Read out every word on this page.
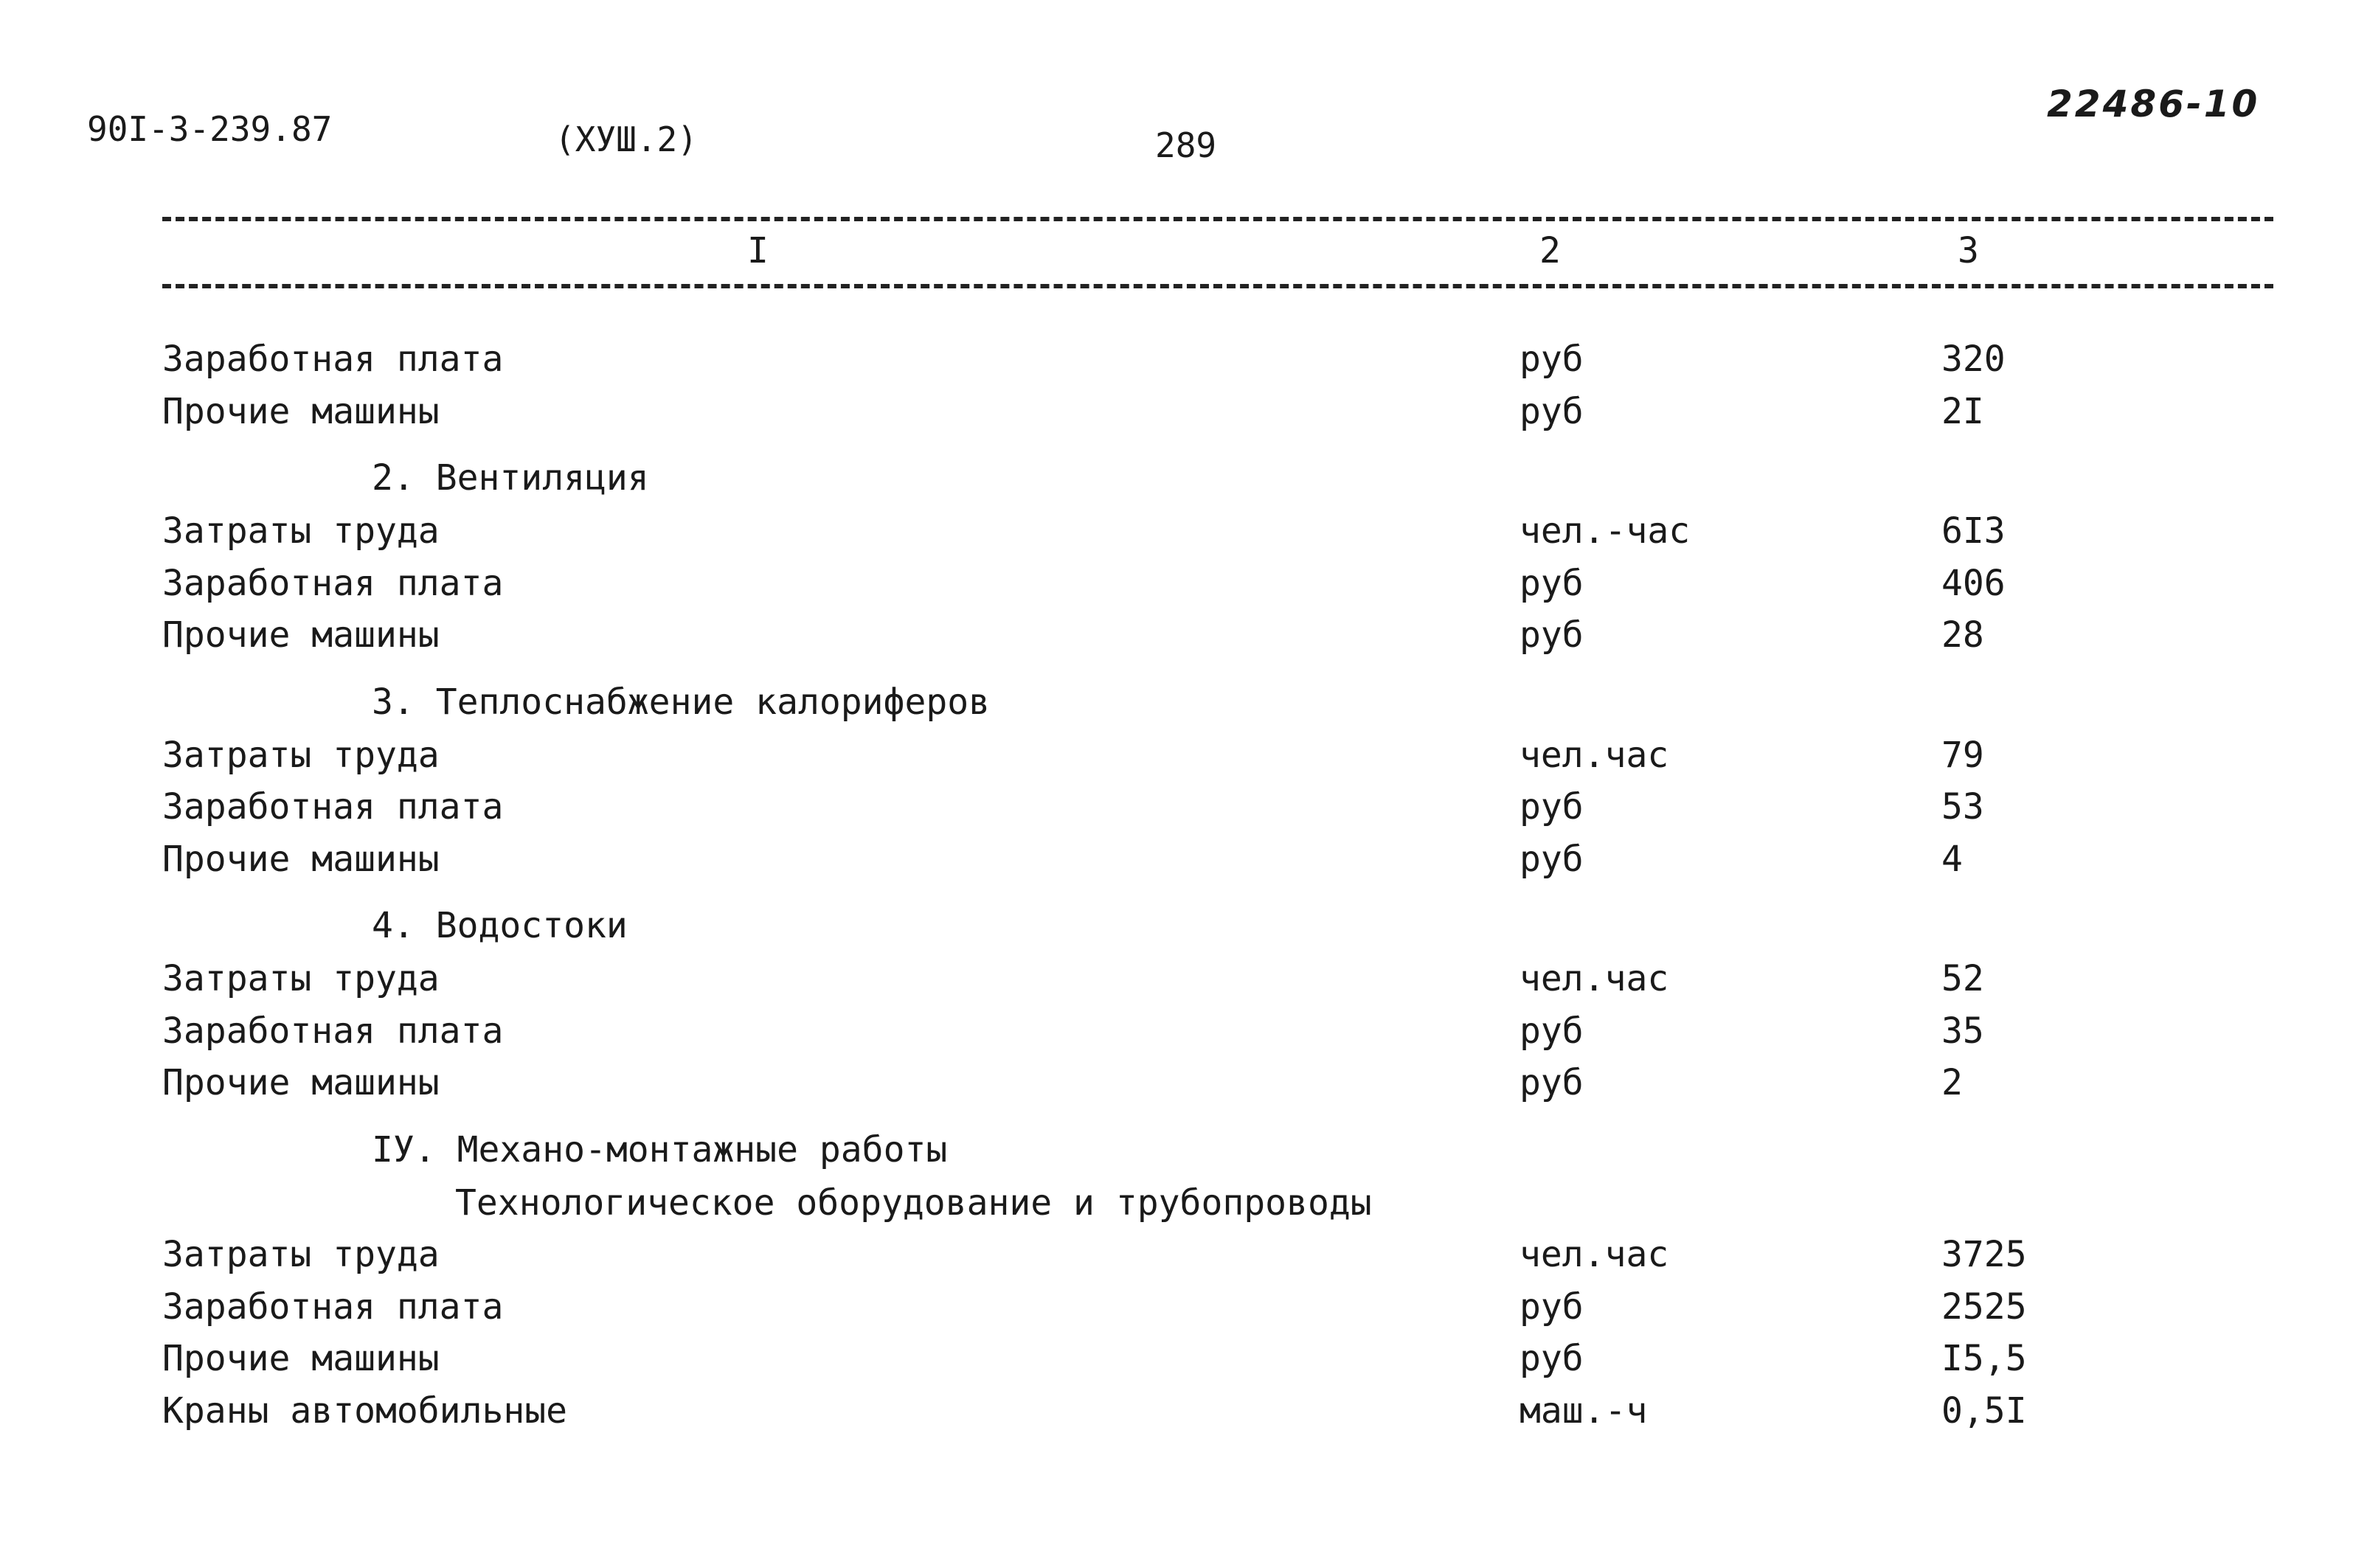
90I-3-239.87	(ХУШ.2)	289
22486-10
I	2	3
Заработная плата	руб	320
Прочие машины	руб	2I
2. Вентиляция
Затраты труда	чел.-час	6I3
Заработная плата	руб	406
Прочие машины	руб	28
3. Теплоснабжение калориферов
Затраты труда	чел.час	79
Заработная плата	руб	53
Прочие машины	руб	4
4. Водостоки
Затраты труда	чел.час	52
Заработная плата	руб	35
Прочие машины	руб	2
IУ. Механо-монтажные работы
Технологическое оборудование и трубопроводы
Затраты труда	чел.час	3725
Заработная плата	руб	2525
Прочие машины	руб	I5,5
Краны автомобильные	маш.-ч	0,5I
